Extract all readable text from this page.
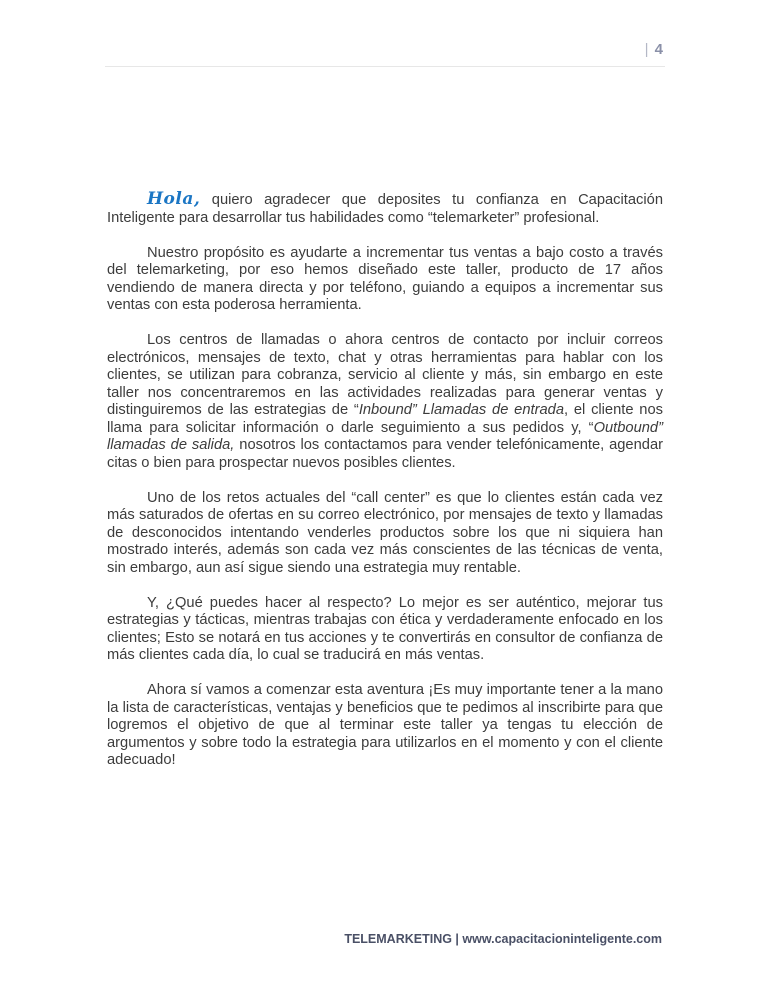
| 4

Hola, quiero agradecer que deposites tu confianza en Capacitación Inteligente para desarrollar tus habilidades como “telemarketer” profesional.

Nuestro propósito es ayudarte a incrementar tus ventas a bajo costo a través del telemarketing, por eso hemos diseñado este taller, producto de 17 años vendiendo de manera directa y por teléfono, guiando a equipos a incrementar sus ventas con esta poderosa herramienta.

Los centros de llamadas o ahora centros de contacto por incluir correos electrónicos, mensajes de texto, chat y otras herramientas para hablar con los clientes, se utilizan para cobranza, servicio al cliente y más, sin embargo en este taller nos concentraremos en las actividades realizadas para generar ventas y distinguiremos de las estrategias de “Inbound” Llamadas de entrada, el cliente nos llama para solicitar información o darle seguimiento a sus pedidos y, “Outbound” llamadas de salida, nosotros los contactamos para vender telefónicamente, agendar citas o bien para prospectar nuevos posibles clientes.

Uno de los retos actuales del “call center” es que lo clientes están cada vez más saturados de ofertas en su correo electrónico, por mensajes de texto y llamadas de desconocidos intentando venderles productos sobre los que ni siquiera han mostrado interés, además son cada vez más conscientes de las técnicas de venta, sin embargo, aun así sigue siendo una estrategia muy rentable.

Y, ¿Qué puedes hacer al respecto? Lo mejor es ser auténtico, mejorar tus estrategias y tácticas, mientras trabajas con ética y verdaderamente enfocado en los clientes; Esto se notará en tus acciones y te convertirás en consultor de confianza de más clientes cada día, lo cual se traducirá en más ventas.

Ahora sí vamos a comenzar esta aventura ¡Es muy importante tener a la mano la lista de características, ventajas y beneficios que te pedimos al inscribirte para que logremos el objetivo de que al terminar este taller ya tengas tu elección de argumentos y sobre todo la estrategia para utilizarlos en el momento y con el cliente adecuado!

TELEMARKETING | www.capacitacioninteligente.com
